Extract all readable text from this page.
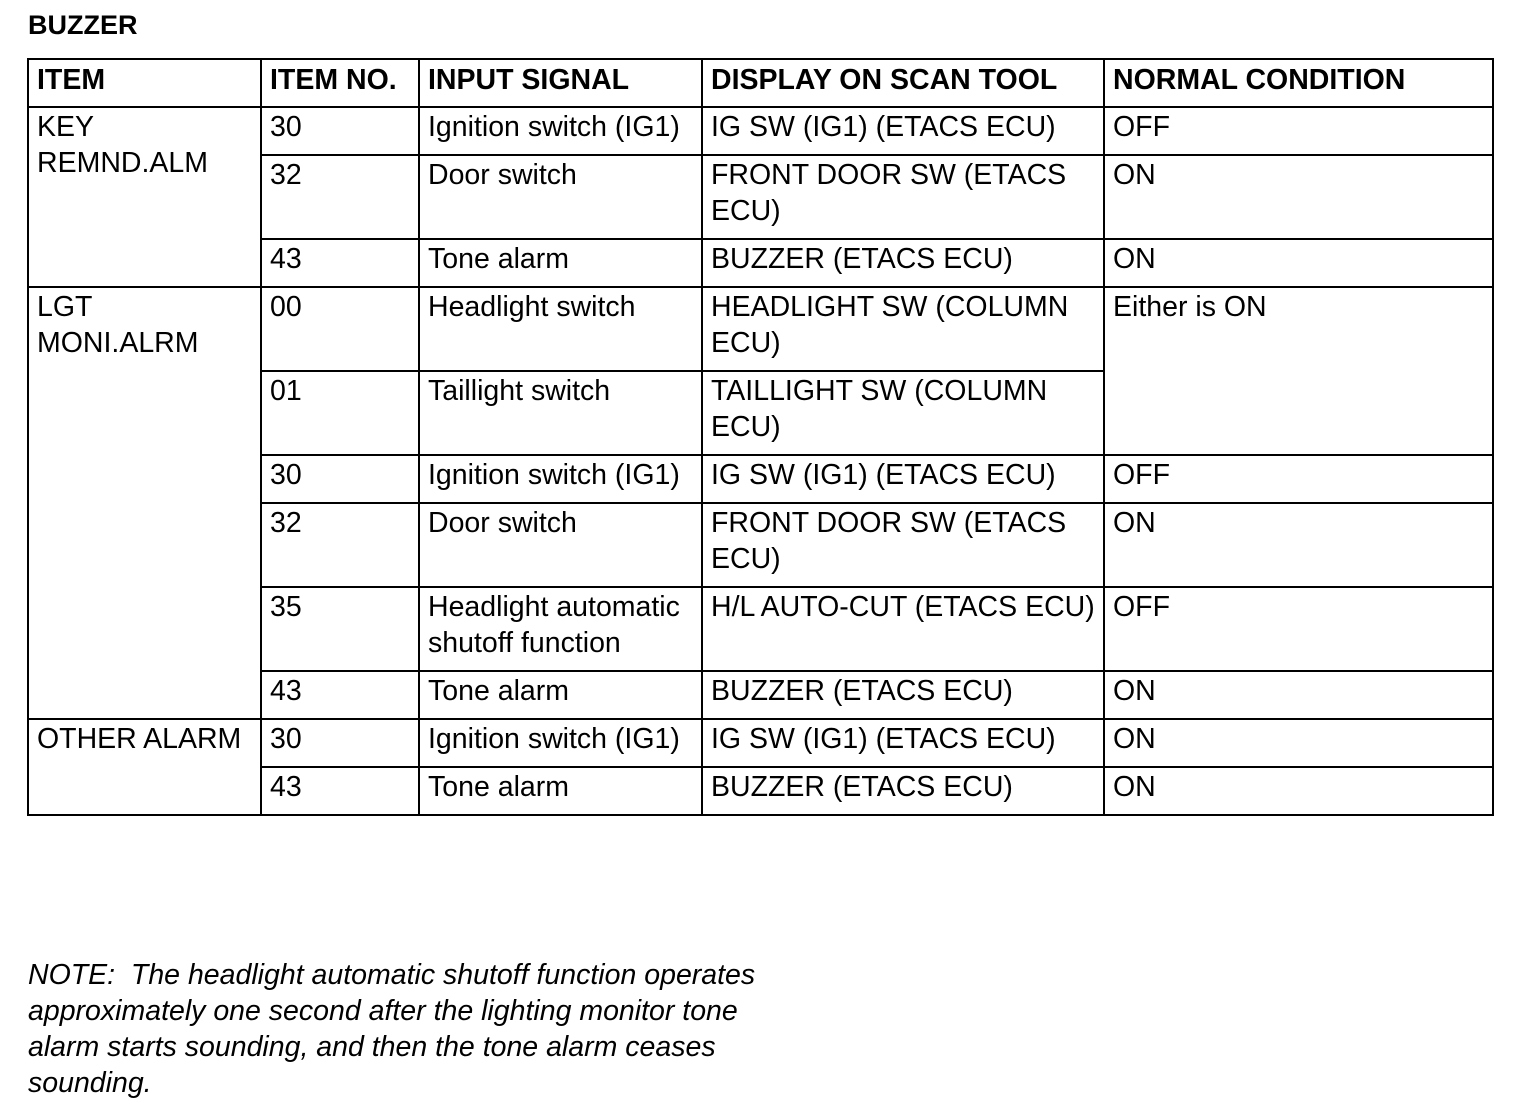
BUZZER
ITEM	ITEM NO.	INPUT SIGNAL	DISPLAY ON SCAN TOOL	NORMAL CONDITION
KEY REMND.ALM	30	Ignition switch (IG1)	IG SW (IG1) (ETACS ECU)	OFF
	32	Door switch	FRONT DOOR SW (ETACS ECU)	ON
	43	Tone alarm	BUZZER (ETACS ECU)	ON
LGT MONI.ALRM	00	Headlight switch	HEADLIGHT SW (COLUMN ECU)	Either is ON
	01	Taillight switch	TAILLIGHT SW (COLUMN ECU)	
	30	Ignition switch (IG1)	IG SW (IG1) (ETACS ECU)	OFF
	32	Door switch	FRONT DOOR SW (ETACS ECU)	ON
	35	Headlight automatic shutoff function	H/L AUTO-CUT (ETACS ECU)	OFF
	43	Tone alarm	BUZZER (ETACS ECU)	ON
OTHER ALARM	30	Ignition switch (IG1)	IG SW (IG1) (ETACS ECU)	ON
	43	Tone alarm	BUZZER (ETACS ECU)	ON
NOTE:  The headlight automatic shutoff function operates approximately one second after the lighting monitor tone alarm starts sounding, and then the tone alarm ceases sounding.
